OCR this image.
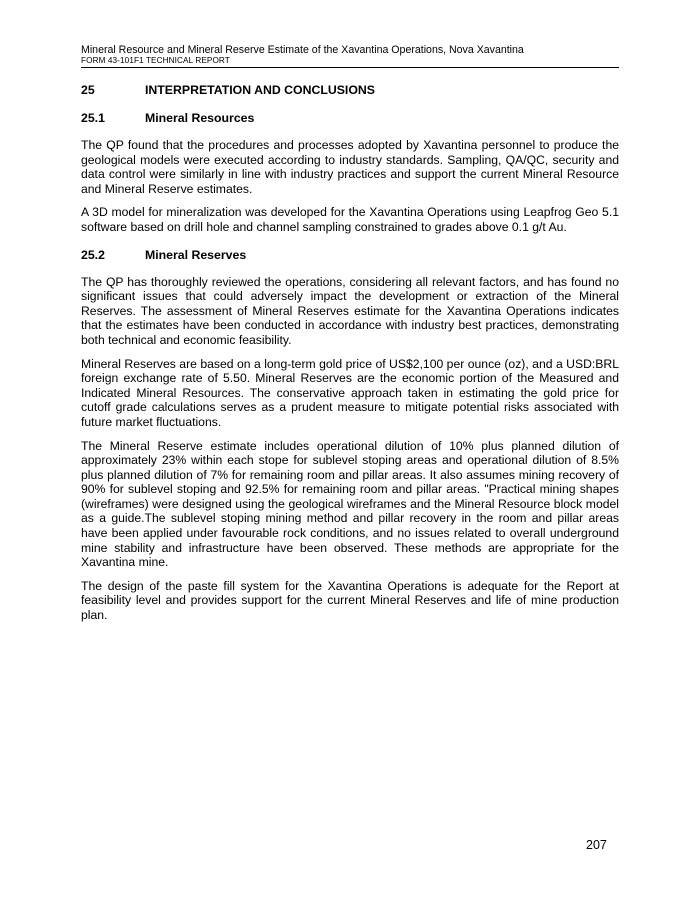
Mineral Resource and Mineral Reserve Estimate of the Xavantina Operations, Nova Xavantina
FORM 43-101F1 TECHNICAL REPORT
25	INTERPRETATION AND CONCLUSIONS
25.1	Mineral Resources

The QP found that the procedures and processes adopted by Xavantina personnel to produce the geological models were executed according to industry standards. Sampling, QA/QC, security and data control were similarly in line with industry practices and support the current Mineral Resource and Mineral Reserve estimates.

A 3D model for mineralization was developed for the Xavantina Operations using Leapfrog Geo 5.1 software based on drill hole and channel sampling constrained to grades above 0.1 g/t Au.

25.2	Mineral Reserves

The QP has thoroughly reviewed the operations, considering all relevant factors, and has found no significant issues that could adversely impact the development or extraction of the Mineral Reserves. The assessment of Mineral Reserves estimate for the Xavantina Operations indicates that the estimates have been conducted in accordance with industry best practices, demonstrating both technical and economic feasibility.

Mineral Reserves are based on a long-term gold price of US$2,100 per ounce (oz), and a USD:BRL foreign exchange rate of 5.50. Mineral Reserves are the economic portion of the Measured and Indicated Mineral Resources. The conservative approach taken in estimating the gold price for cutoff grade calculations serves as a prudent measure to mitigate potential risks associated with future market fluctuations.

The Mineral Reserve estimate includes operational dilution of 10% plus planned dilution of approximately 23% within each stope for sublevel stoping areas and operational dilution of 8.5% plus planned dilution of 7% for remaining room and pillar areas. It also assumes mining recovery of 90% for sublevel stoping and 92.5% for remaining room and pillar areas. "Practical mining shapes (wireframes) were designed using the geological wireframes and the Mineral Resource block model as a guide.The sublevel stoping mining method and pillar recovery in the room and pillar areas have been applied under favourable rock conditions, and no issues related to overall underground mine stability and infrastructure have been observed. These methods are appropriate for the Xavantina mine.

The design of the paste fill system for the Xavantina Operations is adequate for the Report at feasibility level and provides support for the current Mineral Reserves and life of mine production plan.

207
